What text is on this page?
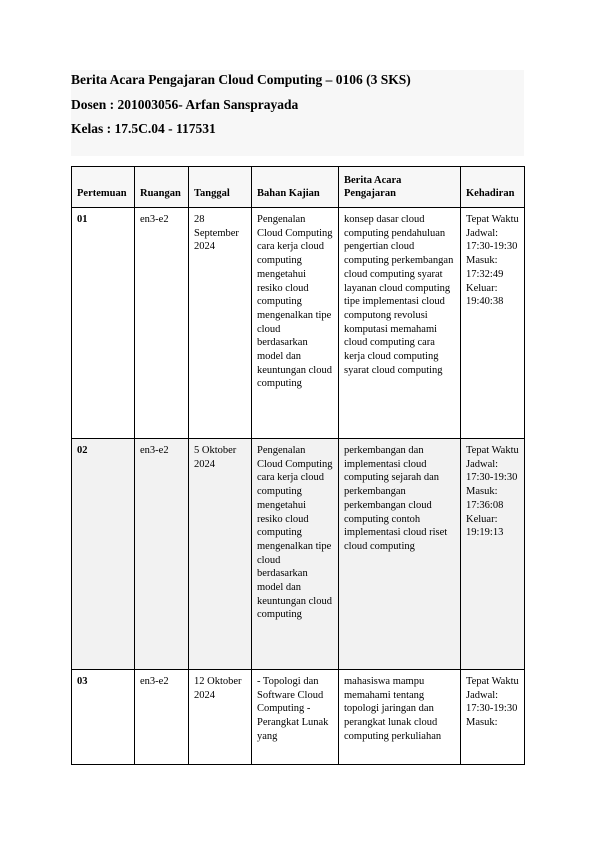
Berita Acara Pengajaran Cloud Computing – 0106 (3 SKS)
Dosen : 201003056- Arfan Sansprayada
Kelas : 17.5C.04 - 117531
Pertemuan	Ruangan	Tanggal	Bahan Kajian	Berita Acara Pengajaran	Kehadiran
01	en3-e2	28 September 2024	Pengenalan Cloud Computing cara kerja cloud computing mengetahui resiko cloud computing mengenalkan tipe cloud berdasarkan model dan keuntungan cloud computing	konsep dasar cloud computing pendahuluan pengertian cloud computing perkembangan cloud computing syarat layanan cloud computing tipe implementasi cloud computong revolusi komputasi memahami cloud computing cara kerja cloud computing syarat cloud computing	Tepat Waktu Jadwal: 17:30-19:30 Masuk: 17:32:49 Keluar: 19:40:38
02	en3-e2	5 Oktober 2024	Pengenalan Cloud Computing cara kerja cloud computing mengetahui resiko cloud computing mengenalkan tipe cloud berdasarkan model dan keuntungan cloud computing	perkembangan dan implementasi cloud computing sejarah dan perkembangan perkembangan cloud computing contoh implementasi cloud riset cloud computing	Tepat Waktu Jadwal: 17:30-19:30 Masuk: 17:36:08 Keluar: 19:19:13
03	en3-e2	12 Oktober 2024	- Topologi dan Software Cloud Computing - Perangkat Lunak yang	mahasiswa mampu memahami tentang topologi jaringan dan perangkat lunak cloud computing perkuliahan	Tepat Waktu Jadwal: 17:30-19:30 Masuk:
